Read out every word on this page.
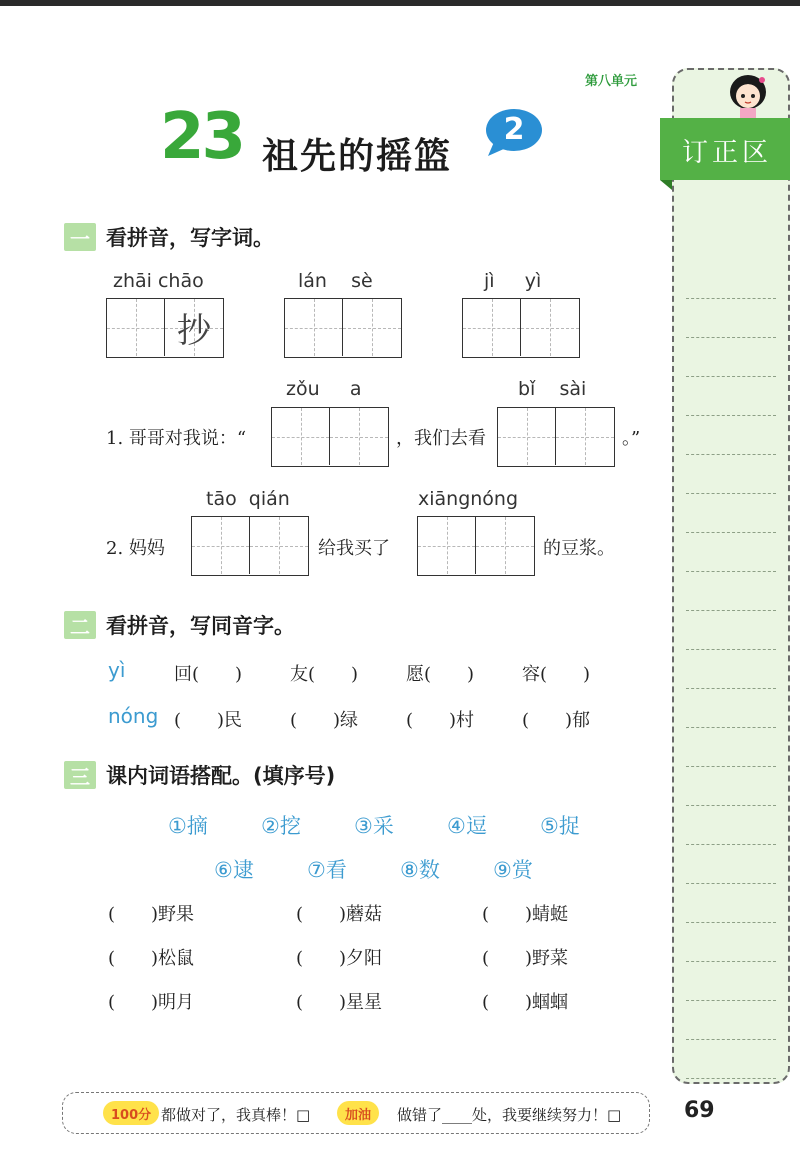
第八单元
23 祖先的摇篮
2
订正区
一 看拼音，写字词。
zhāi chāo
抄
lán    sè	jì     yì
zǒu     a	bǐ    sài
1. 哥哥对我说：“	，我们去看	。”
tāo  qián	xiāngnóng
2. 妈妈	给我买了	的豆浆。
二 看拼音，写同音字。
yì	回(　　)	友(　　)	愿(　　)	容(　　)
nóng (　　)民	(　　)绿	(　　)村	(　　)郁
三 课内词语搭配。(填序号)
①摘	②挖	③采	④逗	⑤捉
⑥逮	⑦看	⑧数	⑨赏
(　　)野果	(　　)蘑菇	(　　)蜻蜓
(　　)松鼠	(　　)夕阳	(　　)野菜
(　　)明月	(　　)星星	(　　)蝈蝈
100分 都做对了，我真棒！□	加油	做错了____处，我要继续努力！□	69
